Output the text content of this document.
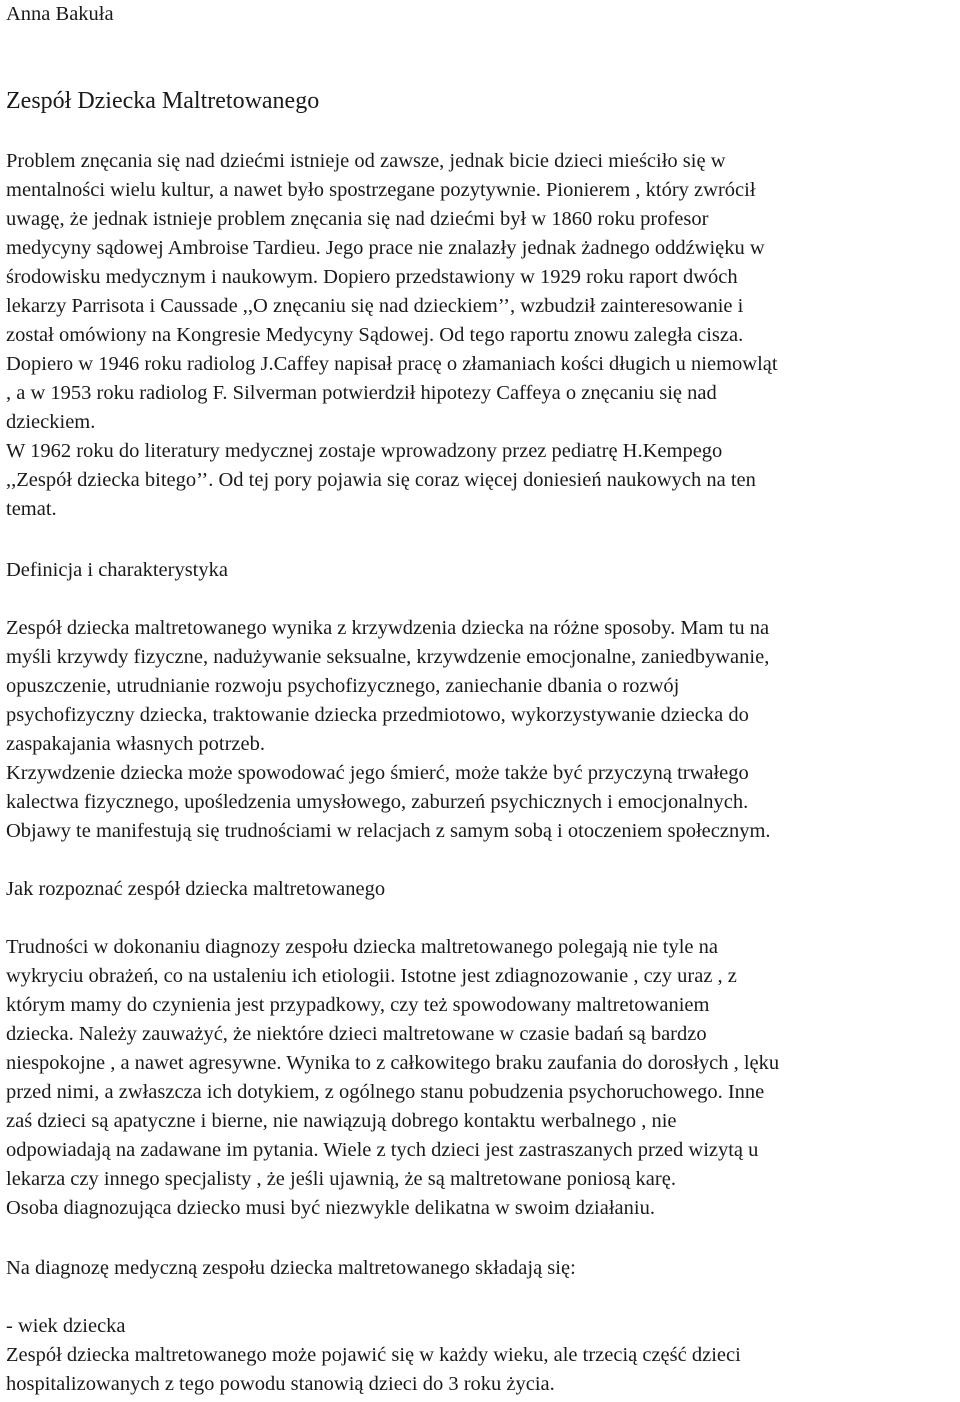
Anna Bakuła
Zespół Dziecka Maltretowanego
Problem znęcania się nad dziećmi istnieje od zawsze, jednak bicie dzieci mieściło się w
mentalności wielu kultur, a nawet było spostrzegane pozytywnie. Pionierem , który zwrócił
uwagę, że jednak istnieje problem znęcania się nad dziećmi był w 1860 roku profesor
medycyny sądowej Ambroise Tardieu. Jego prace nie znalazły jednak żadnego oddźwięku w
środowisku medycznym i naukowym. Dopiero przedstawiony w 1929 roku raport dwóch
lekarzy Parrisota i Caussade ,,O znęcaniu się nad dzieckiem’’, wzbudził zainteresowanie i
został omówiony na Kongresie Medycyny Sądowej. Od tego raportu znowu zaległa cisza.
Dopiero w 1946 roku radiolog J.Caffey napisał pracę o złamaniach kości długich u niemowląt
, a w 1953 roku radiolog F. Silverman potwierdził hipotezy Caffeya o znęcaniu się nad
dzieckiem.
W 1962 roku do literatury medycznej zostaje wprowadzony przez pediatrę H.Kempego
,,Zespół dziecka bitego’’. Od tej pory pojawia się coraz więcej doniesień naukowych na ten
temat.
Definicja i charakterystyka
Zespół dziecka maltretowanego wynika z krzywdzenia dziecka na różne sposoby. Mam tu na
myśli krzywdy fizyczne, nadużywanie seksualne, krzywdzenie emocjonalne, zaniedbywanie,
opuszczenie, utrudnianie rozwoju psychofizycznego, zaniechanie dbania o rozwój
psychofizyczny dziecka, traktowanie dziecka przedmiotowo, wykorzystywanie dziecka do
zaspakajania własnych potrzeb.
Krzywdzenie dziecka może spowodować jego śmierć, może także być przyczyną trwałego
kalectwa fizycznego, upośledzenia umysłowego, zaburzeń psychicznych i emocjonalnych.
Objawy te manifestują się trudnościami w relacjach z samym sobą i otoczeniem społecznym.
Jak rozpoznać zespół dziecka maltretowanego
Trudności w dokonaniu diagnozy zespołu dziecka maltretowanego polegają nie tyle na
wykryciu obrażeń, co na ustaleniu ich etiologii. Istotne jest zdiagnozowanie , czy uraz , z
którym mamy do czynienia jest przypadkowy, czy też spowodowany maltretowaniem
dziecka. Należy zauważyć, że niektóre dzieci maltretowane w czasie badań są bardzo
niespokojne , a nawet agresywne. Wynika to z całkowitego braku zaufania do dorosłych , lęku
przed nimi, a zwłaszcza ich dotykiem, z ogólnego stanu pobudzenia psychoruchowego. Inne
zaś dzieci są apatyczne i bierne, nie nawiązują dobrego kontaktu werbalnego , nie
odpowiadają na zadawane im pytania. Wiele z tych dzieci jest zastraszanych przed wizytą u
lekarza czy innego specjalisty , że jeśli ujawnią, że są maltretowane poniosą karę.
Osoba diagnozująca dziecko musi być niezwykle delikatna w swoim działaniu.
Na diagnozę medyczną zespołu dziecka maltretowanego składają się:
- wiek dziecka
Zespół dziecka maltretowanego może pojawić się w każdy wieku, ale trzecią część dzieci
hospitalizowanych z tego powodu stanowią dzieci do 3 roku życia.
